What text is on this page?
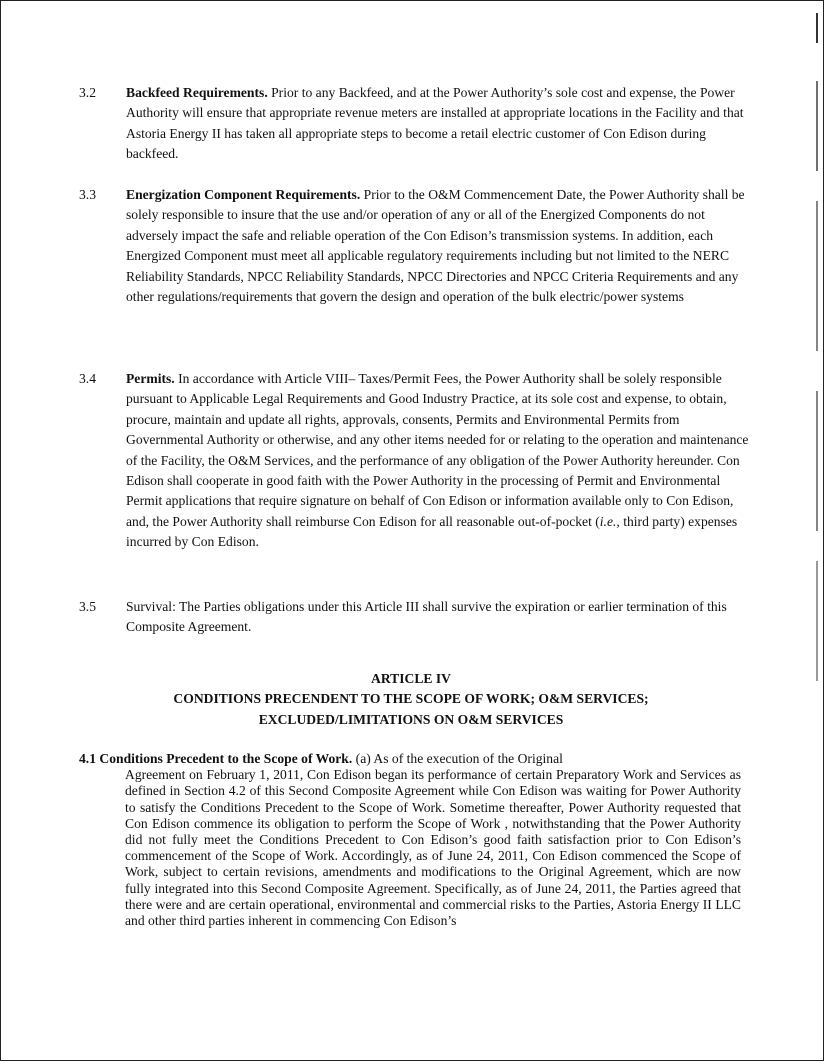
3.2 Backfeed Requirements. Prior to any Backfeed, and at the Power Authority’s sole cost and expense, the Power Authority will ensure that appropriate revenue meters are installed at appropriate locations in the Facility and that Astoria Energy II has taken all appropriate steps to become a retail electric customer of Con Edison during backfeed.
3.3 Energization Component Requirements. Prior to the O&M Commencement Date, the Power Authority shall be solely responsible to insure that the use and/or operation of any or all of the Energized Components do not adversely impact the safe and reliable operation of the Con Edison’s transmission systems. In addition, each Energized Component must meet all applicable regulatory requirements including but not limited to the NERC Reliability Standards, NPCC Reliability Standards, NPCC Directories and NPCC Criteria Requirements and any other regulations/requirements that govern the design and operation of the bulk electric/power systems
3.4 Permits. In accordance with Article VIII– Taxes/Permit Fees, the Power Authority shall be solely responsible pursuant to Applicable Legal Requirements and Good Industry Practice, at its sole cost and expense, to obtain, procure, maintain and update all rights, approvals, consents, Permits and Environmental Permits from Governmental Authority or otherwise, and any other items needed for or relating to the operation and maintenance of the Facility, the O&M Services, and the performance of any obligation of the Power Authority hereunder. Con Edison shall cooperate in good faith with the Power Authority in the processing of Permit and Environmental Permit applications that require signature on behalf of Con Edison or information available only to Con Edison, and, the Power Authority shall reimburse Con Edison for all reasonable out-of-pocket (i.e., third party) expenses incurred by Con Edison.
3.5 Survival: The Parties obligations under this Article III shall survive the expiration or earlier termination of this Composite Agreement.
ARTICLE IV
CONDITIONS PRECENDENT TO THE SCOPE OF WORK; O&M SERVICES;
EXCLUDED/LIMITATIONS ON O&M SERVICES
4.1 Conditions Precedent to the Scope of Work. (a) As of the execution of the Original
Agreement on February 1, 2011, Con Edison began its performance of certain Preparatory Work and Services as defined in Section 4.2 of this Second Composite Agreement while Con Edison was waiting for Power Authority to satisfy the Conditions Precedent to the Scope of Work. Sometime thereafter, Power Authority requested that Con Edison commence its obligation to perform the Scope of Work , notwithstanding that the Power Authority did not fully meet the Conditions Precedent to Con Edison’s good faith satisfaction prior to Con Edison’s commencement of the Scope of Work. Accordingly, as of June 24, 2011, Con Edison commenced the Scope of Work, subject to certain revisions, amendments and modifications to the Original Agreement, which are now fully integrated into this Second Composite Agreement. Specifically, as of June 24, 2011, the Parties agreed that there were and are certain operational, environmental and commercial risks to the Parties, Astoria Energy II LLC and other third parties inherent in commencing Con Edison’s
